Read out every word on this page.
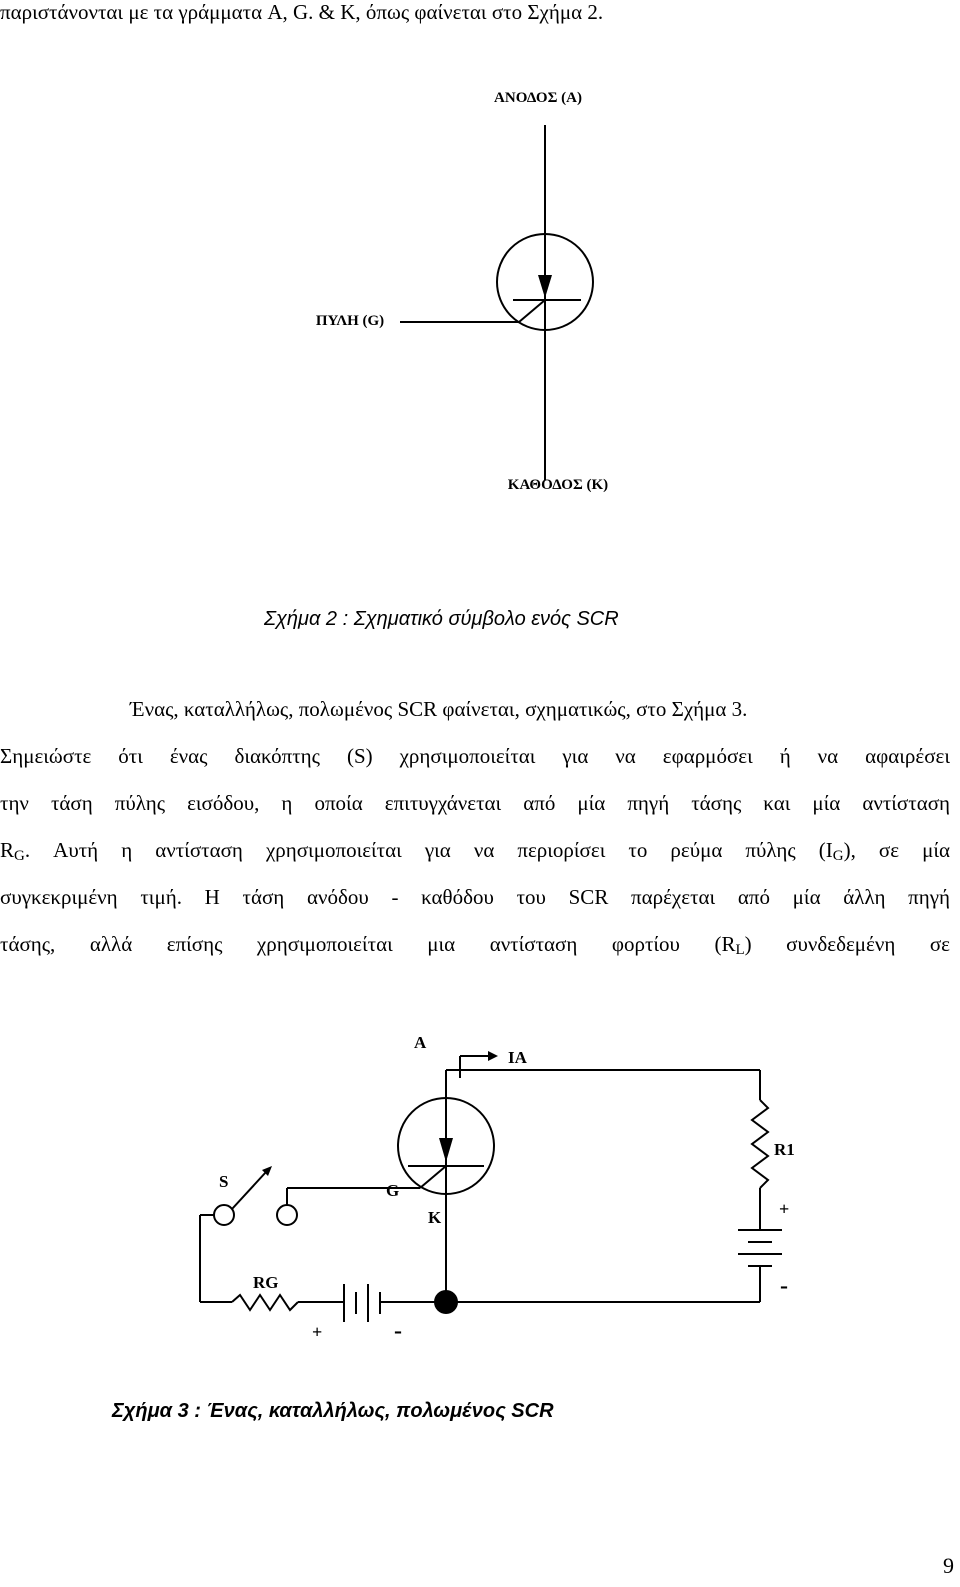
παριστάνονται με τα γράμματα A, G. & K, όπως φαίνεται στο Σχήμα 2.
ΑΝΟΔΟΣ (A)
ΠΥΛΗ (G)
ΚΑΘΟΔΟΣ (K)
Σχήμα 2 : Σχηματικό σύμβολο ενός SCR
Ένας, καταλλήλως, πολωμένος SCR φαίνεται, σχηματικώς, στο Σχήμα 3.
Σημειώστε ότι ένας διακόπτης (S) χρησιμοποιείται για να εφαρμόσει ή να αφαιρέσει
την τάση πύλης εισόδου, η οποία επιτυγχάνεται από μία πηγή τάσης και μία αντίσταση
$R_G$. Αυτή η αντίσταση χρησιμοποιείται για να περιορίσει το ρεύμα πύλης $(I_G)$, σε μία
συγκεκριμένη τιμή. Η τάση ανόδου - καθόδου του SCR παρέχεται από μία άλλη πηγή
τάσης, αλλά επίσης χρησιμοποιείται μια αντίσταση φορτίου $(R_L)$ συνδεδεμένη σε
A
IA
R1
S	G
K
RG
+
-
+	-
Σχήμα 3 : Ένας, καταλλήλως, πολωμένος SCR
9
